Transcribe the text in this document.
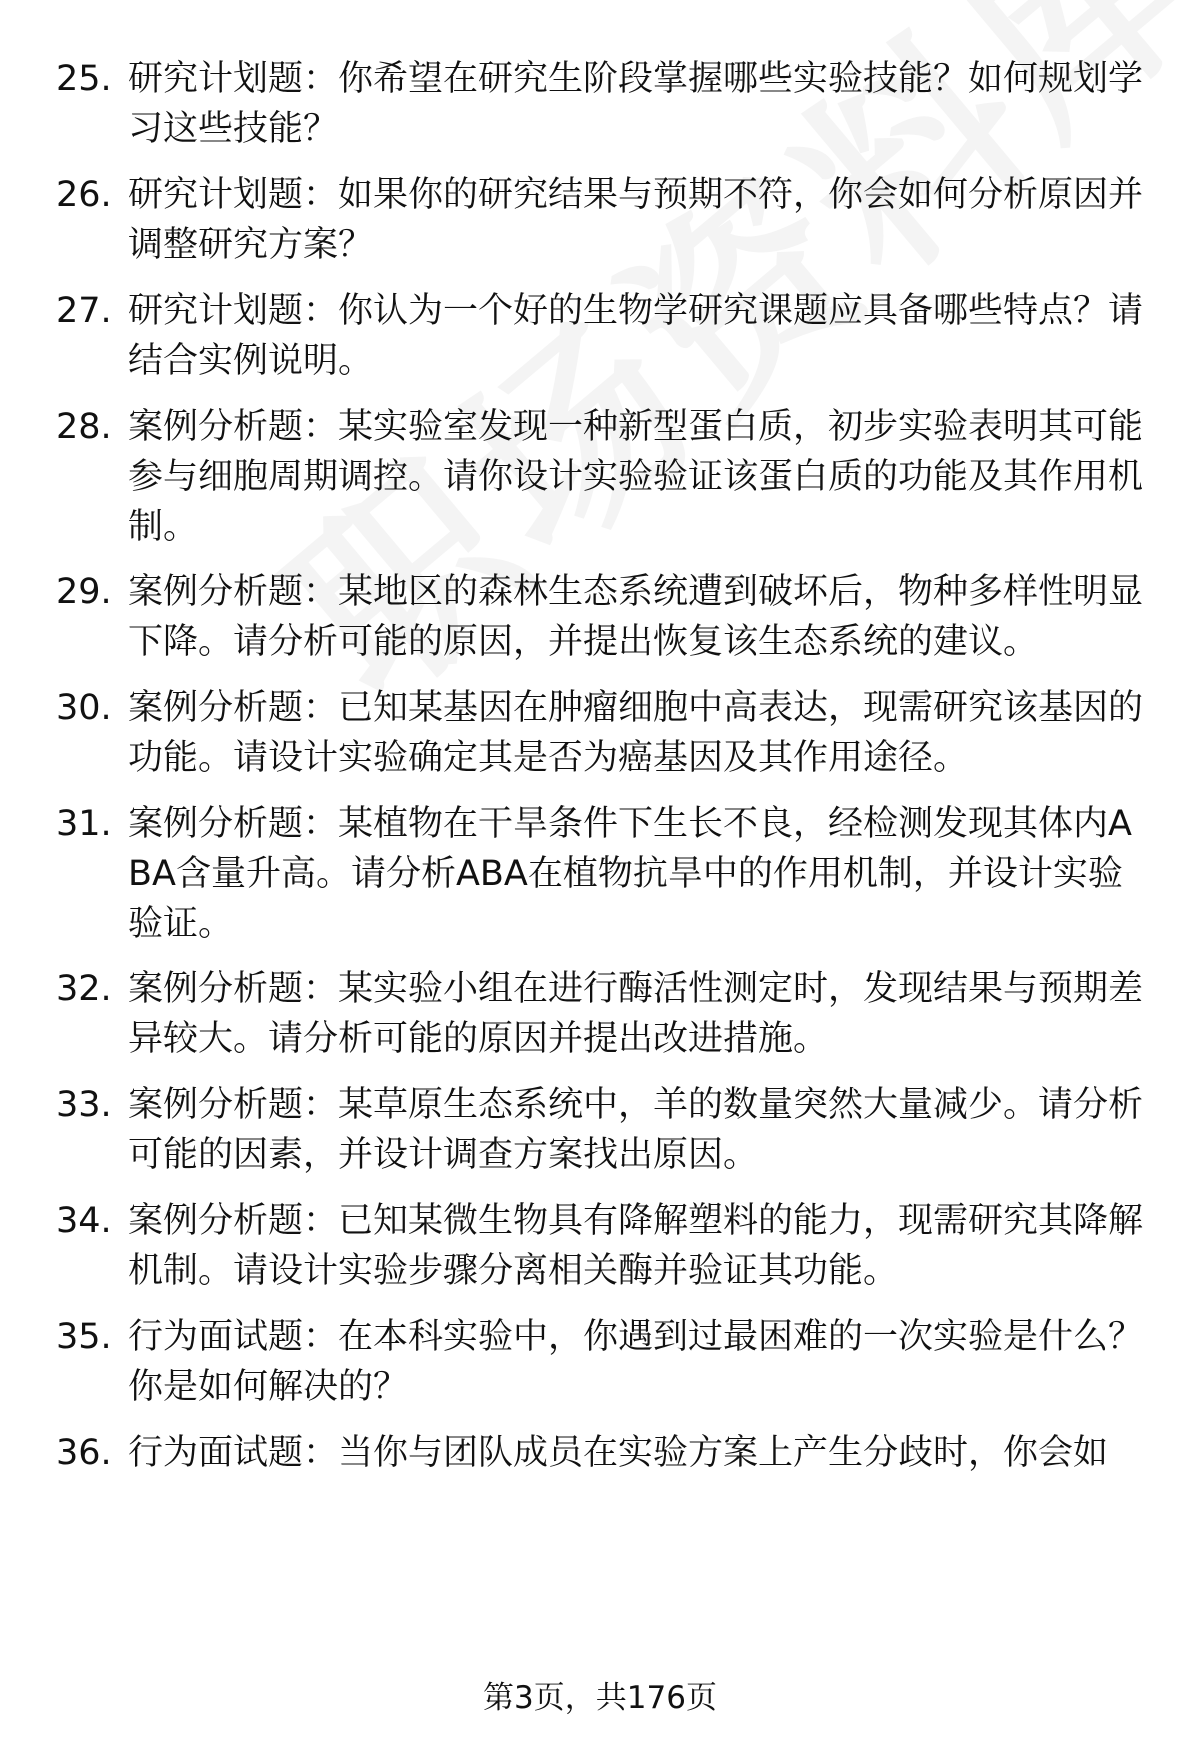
25. 研究计划题：你希望在研究生阶段掌握哪些实验技能？如何规划学习这些技能？
26. 研究计划题：如果你的研究结果与预期不符，你会如何分析原因并调整研究方案？
27. 研究计划题：你认为一个好的生物学研究课题应具备哪些特点？请结合实例说明。
28. 案例分析题：某实验室发现一种新型蛋白质，初步实验表明其可能参与细胞周期调控。请你设计实验验证该蛋白质的功能及其作用机制。
29. 案例分析题：某地区的森林生态系统遭到破坏后，物种多样性明显下降。请分析可能的原因，并提出恢复该生态系统的建议。
30. 案例分析题：已知某基因在肿瘤细胞中高表达，现需研究该基因的功能。请设计实验确定其是否为癌基因及其作用途径。
31. 案例分析题：某植物在干旱条件下生长不良，经检测发现其体内ABA含量升高。请分析ABA在植物抗旱中的作用机制，并设计实验验证。
32. 案例分析题：某实验小组在进行酶活性测定时，发现结果与预期差异较大。请分析可能的原因并提出改进措施。
33. 案例分析题：某草原生态系统中，羊的数量突然大量减少。请分析可能的因素，并设计调查方案找出原因。
34. 案例分析题：已知某微生物具有降解塑料的能力，现需研究其降解机制。请设计实验步骤分离相关酶并验证其功能。
35. 行为面试题：在本科实验中，你遇到过最困难的一次实验是什么？你是如何解决的？
36. 行为面试题：当你与团队成员在实验方案上产生分歧时，你会如
第3页，共176页
